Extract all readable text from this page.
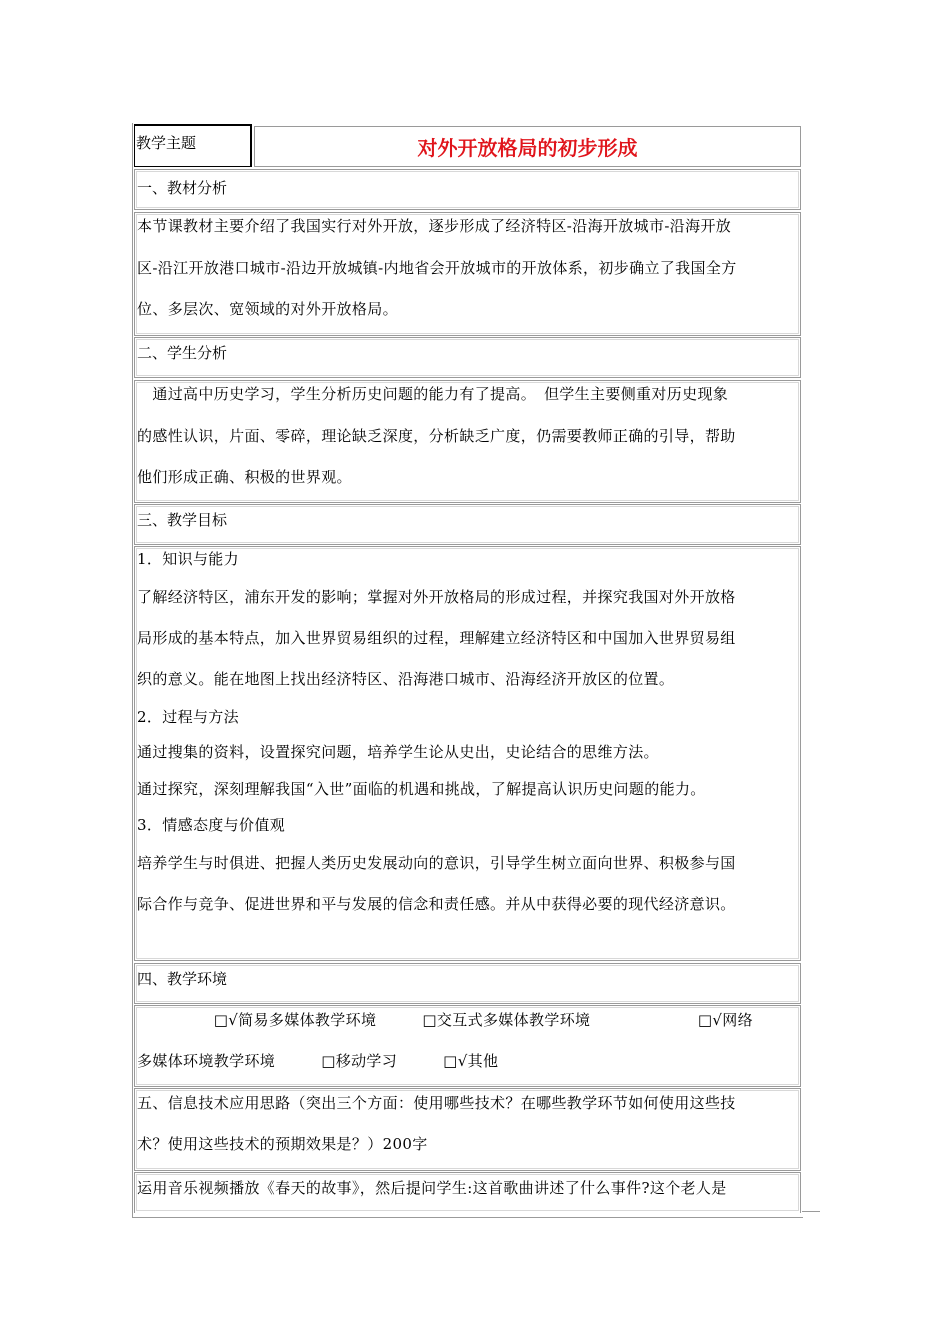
教学主题	对外开放格局的初步形成
一、教材分析
本节课教材主要介绍了我国实行对外开放，逐步形成了经济特区-沿海开放城市-沿海开放
区-沿江开放港口城市-沿边开放城镇-内地省会开放城市的开放体系，初步确立了我国全方
位、多层次、宽领域的对外开放格局。
二、学生分析
　通过高中历史学习，学生分析历史问题的能力有了提高。　但学生主要侧重对历史现象
的感性认识，片面、零碎，理论缺乏深度，分析缺乏广度，仍需要教师正确的引导，帮助
他们形成正确、积极的世界观。
三、教学目标
1．知识与能力
了解经济特区，浦东开发的影响；掌握对外开放格局的形成过程，并探究我国对外开放格
局形成的基本特点，加入世界贸易组织的过程，理解建立经济特区和中国加入世界贸易组
织的意义。能在地图上找出经济特区、沿海港口城市、沿海经济开放区的位置。
2．过程与方法
通过搜集的资料，设置探究问题，培养学生论从史出，史论结合的思维方法。
通过探究，深刻理解我国“入世”面临的机遇和挑战，了解提高认识历史问题的能力。
3．情感态度与价值观
培养学生与时俱进、把握人类历史发展动向的意识，引导学生树立面向世界、积极参与国
际合作与竞争、促进世界和平与发展的信念和责任感。并从中获得必要的现代经济意识。
四、教学环境
　　　　　□√简易多媒体教学环境　　　□交互式多媒体教学环境　　　　　　　□√网络
多媒体环境教学环境　　　□移动学习　　　□√其他
五、信息技术应用思路（突出三个方面：使用哪些技术？在哪些教学环节如何使用这些技
术？使用这些技术的预期效果是？）200字
运用音乐视频播放《春天的故事》，然后提问学生:这首歌曲讲述了什么事件?这个老人是
